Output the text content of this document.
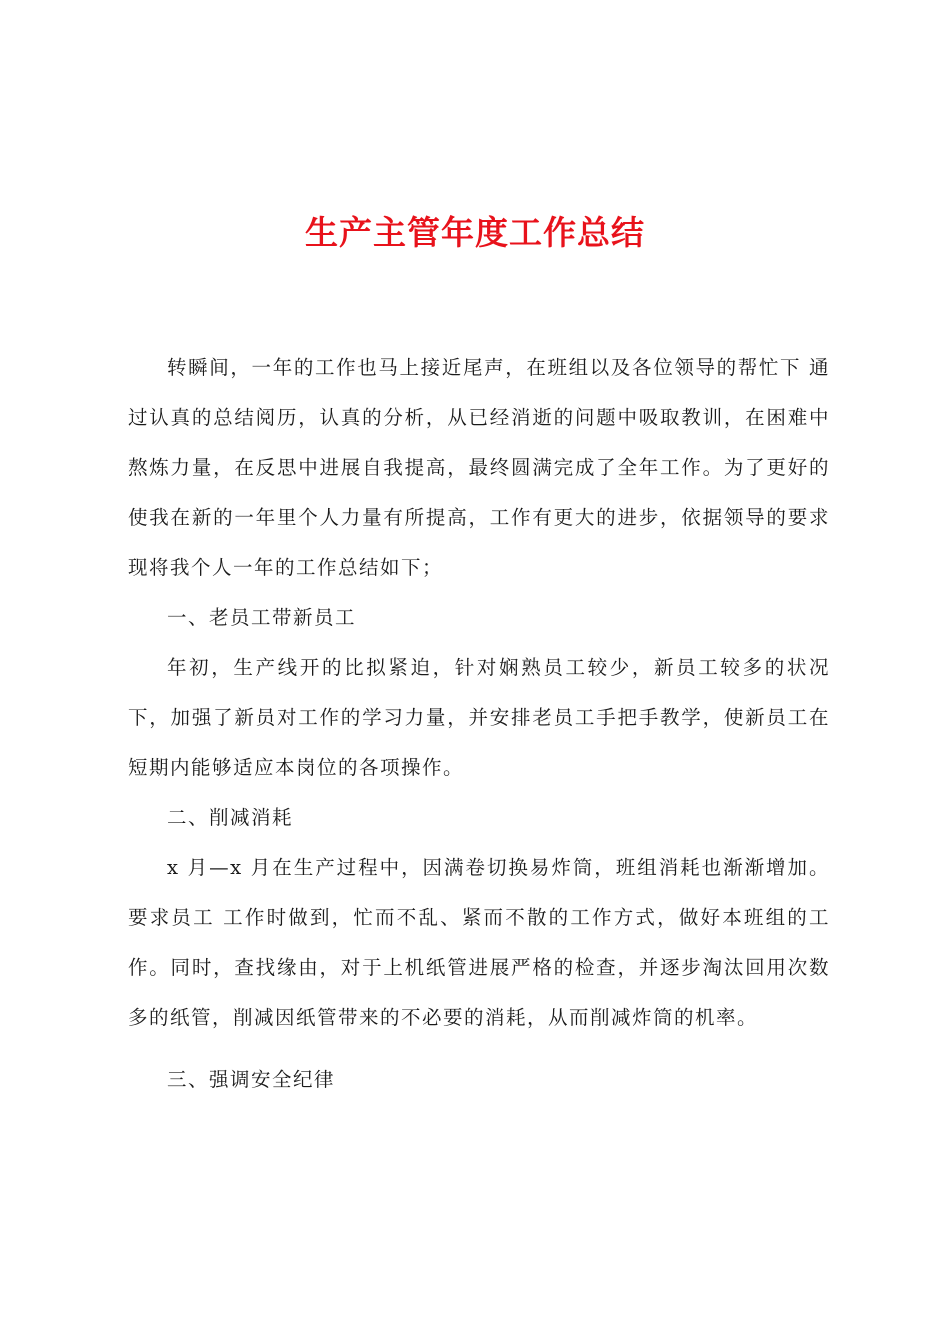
生产主管年度工作总结

转瞬间，一年的工作也马上接近尾声，在班组以及各位领导的帮忙下 通过认真的总结阅历，认真的分析，从已经消逝的问题中吸取教训，在困难中熬炼力量，在反思中进展自我提高，最终圆满完成了全年工作。为了更好的使我在新的一年里个人力量有所提高，工作有更大的进步，依据领导的要求现将我个人一年的工作总结如下；

一、老员工带新员工

年初，生产线开的比拟紧迫，针对娴熟员工较少，新员工较多的状况下，加强了新员对工作的学习力量，并安排老员工手把手教学，使新员工在短期内能够适应本岗位的各项操作。

二、削减消耗

x 月—x 月在生产过程中，因满卷切换易炸筒，班组消耗也渐渐增加。要求员工 工作时做到，忙而不乱、紧而不散的工作方式，做好本班组的工作。同时，查找缘由，对于上机纸管进展严格的检查，并逐步淘汰回用次数多的纸管，削减因纸管带来的不必要的消耗，从而削减炸筒的机率。

三、强调安全纪律
